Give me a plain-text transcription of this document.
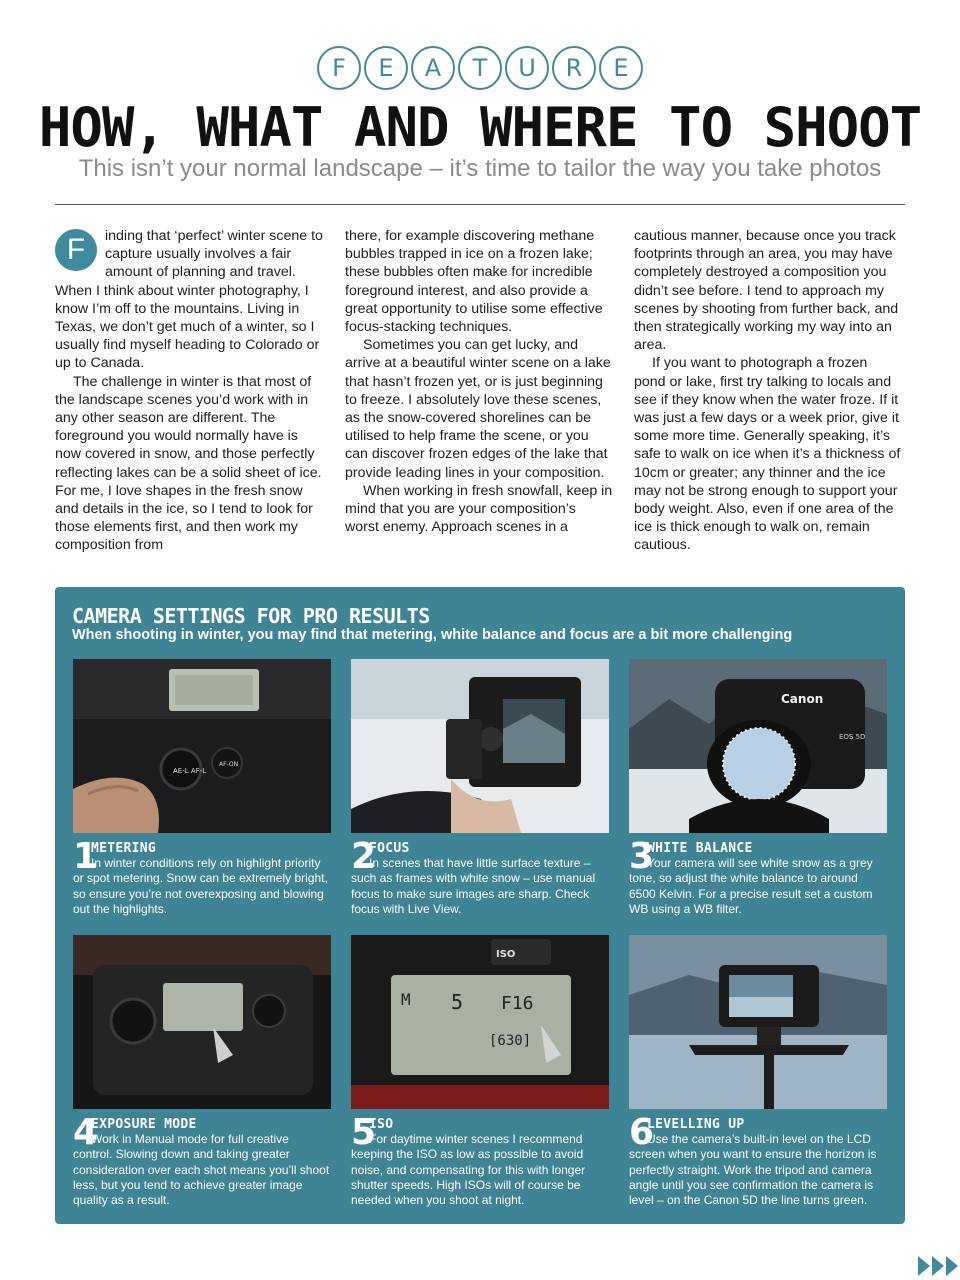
F	E	A	T	U	R	E
HOW, WHAT AND WHERE TO SHOOT
This isn’t your normal landscape – it’s time to tailor the way you take photos

F	inding that ‘perfect’ winter scene to capture usually involves a fair amount of planning and travel. When I think about winter photography, I know I’m off to the mountains. Living in Texas, we don’t get much of a winter, so I usually find myself heading to Colorado or up to Canada.

The challenge in winter is that most of the landscape scenes you’d work with in any other season are different. The foreground you would normally have is now covered in snow, and those perfectly reflecting lakes can be a solid sheet of ice. For me, I love shapes in the fresh snow and details in the ice, so I tend to look for those elements first, and then work my composition from

there, for example discovering methane bubbles trapped in ice on a frozen lake; these bubbles often make for incredible foreground interest, and also provide a great opportunity to utilise some effective focus-stacking techniques.

Sometimes you can get lucky, and arrive at a beautiful winter scene on a lake that hasn’t frozen yet, or is just beginning to freeze. I absolutely love these scenes, as the snow-covered shorelines can be utilised to help frame the scene, or you can discover frozen edges of the lake that provide leading lines in your composition.

When working in fresh snowfall, keep in mind that you are your composition’s worst enemy. Approach scenes in a

cautious manner, because once you track footprints through an area, you may have completely destroyed a composition you didn’t see before. I tend to approach my scenes by shooting from further back, and then strategically working my way into an area.

If you want to photograph a frozen pond or lake, first try talking to locals and see if they know when the water froze. If it was just a few days or a week prior, give it some more time. Generally speaking, it’s safe to walk on ice when it’s a thickness of 10cm or greater; any thinner and the ice may not be strong enough to support your body weight. Also, even if one area of the ice is thick enough to walk on, remain cautious.

CAMERA SETTINGS FOR PRO RESULTS
When shooting in winter, you may find that metering, white balance and focus are a bit more challenging
AE-L AF-L
AF-ON
Canon
EOS 5D
ISO
M 5 F16
[630]
1
METERING

In winter conditions rely on highlight priority or spot metering. Snow can be extremely bright, so ensure you’re not overexposing and blowing out the highlights.

2
FOCUS

In scenes that have little surface texture – such as frames with white snow – use manual focus to make sure images are sharp. Check focus with Live View.

3
WHITE BALANCE

Your camera will see white snow as a grey tone, so adjust the white balance to around 6500 Kelvin. For a precise result set a custom WB using a WB filter.

4
EXPOSURE MODE

Work in Manual mode for full creative control. Slowing down and taking greater consideration over each shot means you’ll shoot less, but you tend to achieve greater image quality as a result.

5
ISO

For daytime winter scenes I recommend keeping the ISO as low as possible to avoid noise, and compensating for this with longer shutter speeds. High ISOs will of course be needed when you shoot at night.

6
LEVELLING UP

Use the camera’s built-in level on the LCD screen when you want to ensure the horizon is perfectly straight. Work the tripod and camera angle until you see confirmation the camera is level – on the Canon 5D the line turns green.
